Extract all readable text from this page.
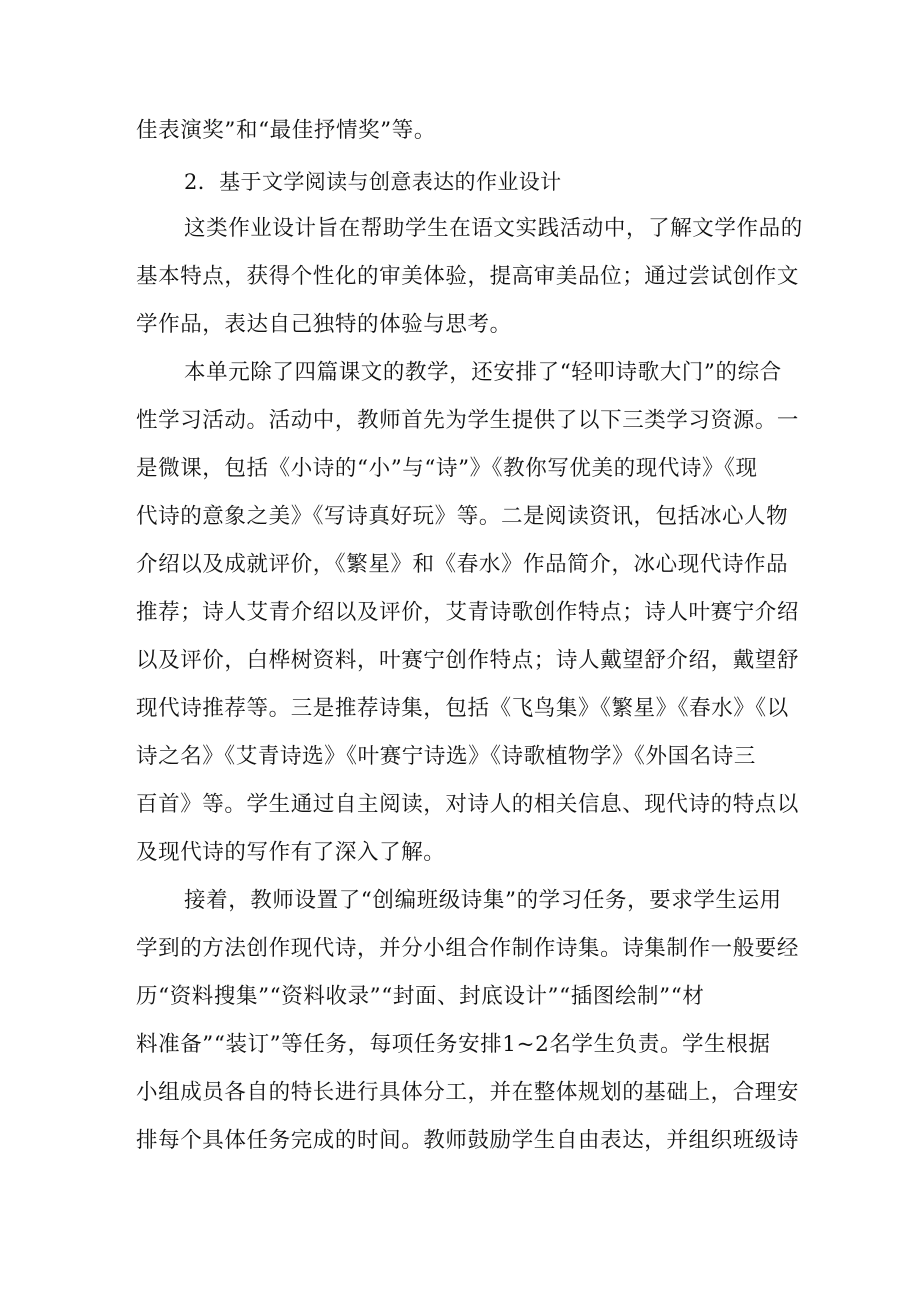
佳表演奖”和“最佳抒情奖”等。
2．基于文学阅读与创意表达的作业设计
这类作业设计旨在帮助学生在语文实践活动中，了解文学作品的
基本特点，获得个性化的审美体验，提高审美品位；通过尝试创作文
学作品，表达自己独特的体验与思考。
本单元除了四篇课文的教学，还安排了“轻叩诗歌大门”的综合
性学习活动。活动中，教师首先为学生提供了以下三类学习资源。一
是微课，包括《小诗的“小”与“诗”》《教你写优美的现代诗》《现
代诗的意象之美》《写诗真好玩》等。二是阅读资讯，包括冰心人物
介绍以及成就评价，《繁星》和《春水》作品简介，冰心现代诗作品
推荐；诗人艾青介绍以及评价，艾青诗歌创作特点；诗人叶赛宁介绍
以及评价，白桦树资料，叶赛宁创作特点；诗人戴望舒介绍，戴望舒
现代诗推荐等。三是推荐诗集，包括《飞鸟集》《繁星》《春水》《以
诗之名》《艾青诗选》《叶赛宁诗选》《诗歌植物学》《外国名诗三
百首》等。学生通过自主阅读，对诗人的相关信息、现代诗的特点以
及现代诗的写作有了深入了解。
接着，教师设置了“创编班级诗集”的学习任务，要求学生运用
学到的方法创作现代诗，并分小组合作制作诗集。诗集制作一般要经
历“资料搜集”“资料收录”“封面、封底设计”“插图绘制”“材
料准备”“装订”等任务，每项任务安排1~2名学生负责。学生根据
小组成员各自的特长进行具体分工，并在整体规划的基础上，合理安
排每个具体任务完成的时间。教师鼓励学生自由表达，并组织班级诗
